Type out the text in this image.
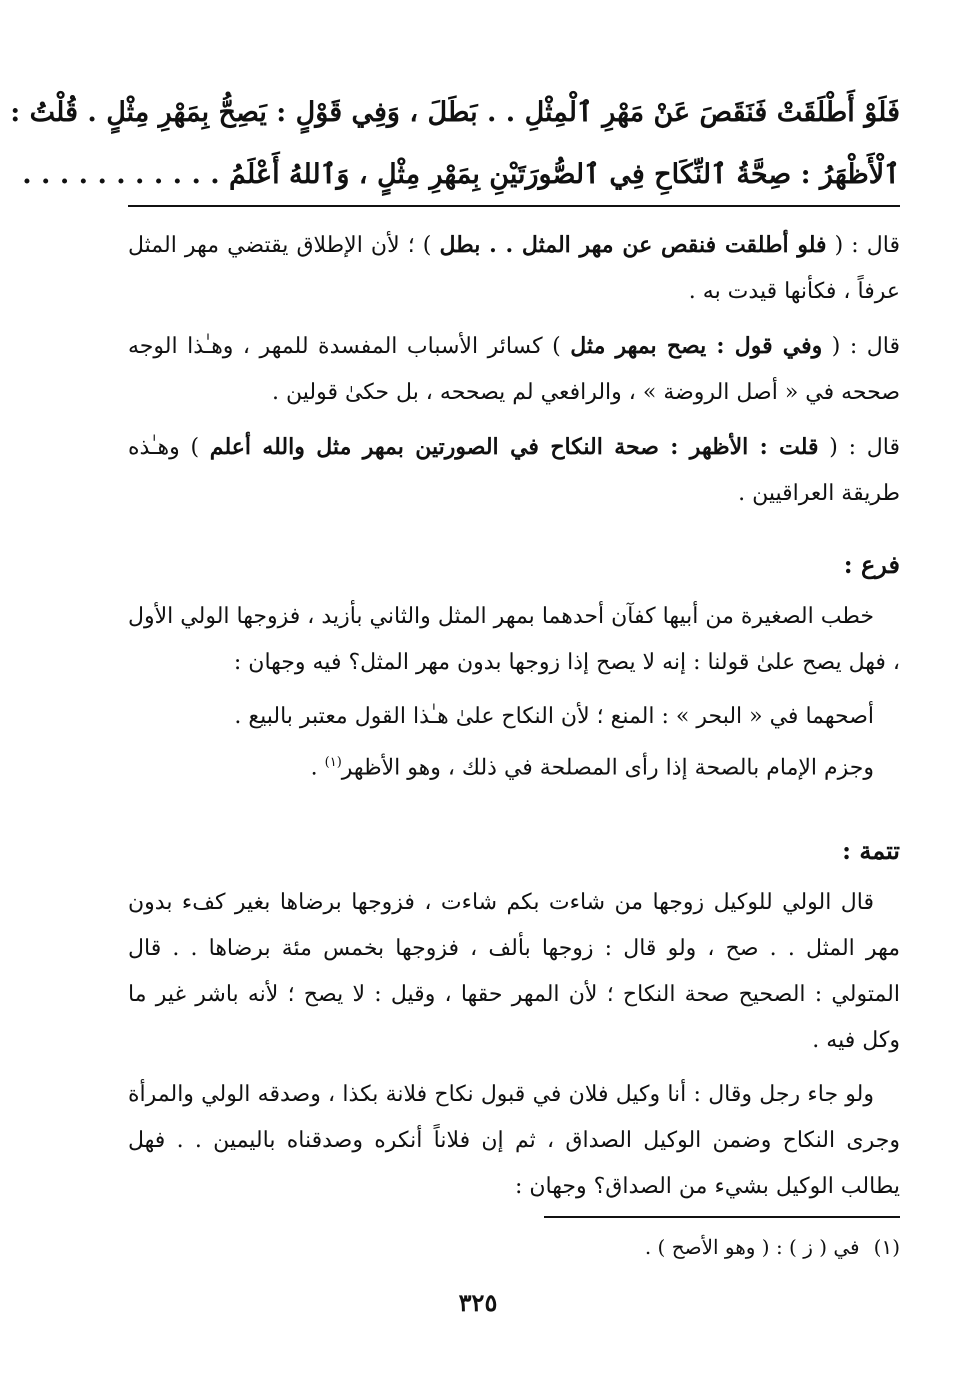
فَلَوْ أَطْلَقَتْ فَنَقَصَ عَنْ مَهْرِ ٱلْمِثْلِ . . بَطَلَ ، وَفِي قَوْلٍ : يَصِحُّ بِمَهْرِ مِثْلٍ . قُلْتُ :
ٱلْأَظْهَرُ : صِحَّةُ ٱلنِّكَاحِ فِي ٱلصُّورَتَيْنِ بِمَهْرِ مِثْلٍ ، وَٱللهُ أَعْلَمُ . . . . . . . . . . .

قال : ( فلو أطلقت فنقص عن مهر المثل . . بطل ) ؛ لأن الإطلاق يقتضي مهر المثل عرفاً ، فكأنها قيدت به .

قال : ( وفي قول : يصح بمهر مثل ) كسائر الأسباب المفسدة للمهر ، وهـٰذا الوجه صححه في « أصل الروضة » ، والرافعي لم يصححه ، بل حكىٰ قولين .

قال : ( قلت : الأظهر : صحة النكاح في الصورتين بمهر مثل والله أعلم ) وهـٰذه طريقة العراقيين .

فرع :

خطب الصغيرة من أبيها كفآن أحدهما بمهر المثل والثاني بأزيد ، فزوجها الولي الأول ، فهل يصح علىٰ قولنا : إنه لا يصح إذا زوجها بدون مهر المثل؟ فيه وجهان :

أصحهما في « البحر » : المنع ؛ لأن النكاح علىٰ هـٰذا القول معتبر بالبيع .

وجزم الإمام بالصحة إذا رأى المصلحة في ذلك ، وهو الأظهر$^{(١)}$ .

تتمة :

قال الولي للوكيل زوجها من شاءت بكم شاءت ، فزوجها برضاها بغير كفء بدون مهر المثل . . صح ، ولو قال : زوجها بألف ، فزوجها بخمس مئة برضاها . . قال المتولي : الصحيح صحة النكاح ؛ لأن المهر حقها ، وقيل : لا يصح ؛ لأنه باشر غير ما وكل فيه .

ولو جاء رجل وقال : أنا وكيل فلان في قبول نكاح فلانة بكذا ، وصدقه الولي والمرأة وجرى النكاح وضمن الوكيل الصداق ، ثم إن فلاناً أنكره وصدقناه باليمين . . فهل يطالب الوكيل بشيء من الصداق؟ وجهان :

(١)في ( ز ) : ( وهو الأصح ) .
٣٢٥
